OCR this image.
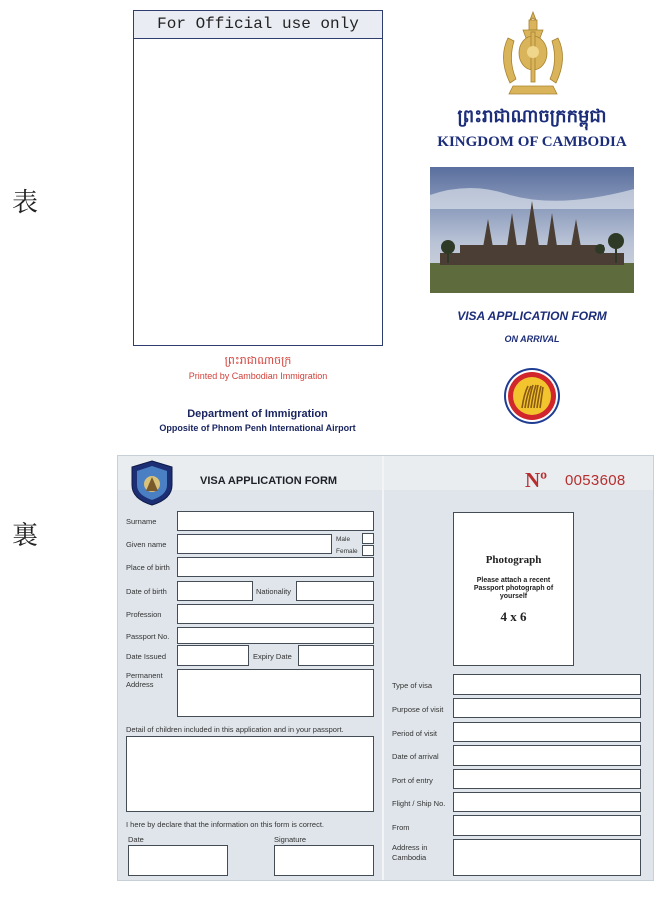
表
裏
For Official use only
ព្រះរាជាណាចក្រ
Printed by Cambodian Immigration
Department of Immigration
Opposite of Phnom Penh International Airport
ព្រះរាជាណាចក្រកម្ពុជា
KINGDOM OF CAMBODIA
VISA APPLICATION FORM
ON ARRIVAL
VISA APPLICATION FORM	Nº 0053608
Surname
Given name
Male
Female
Place of birth
Date of birth	Nationality
Profession
Passport No.
Date Issued	Expiry Date
Permanent
Address
Detail of children included in this application and in your passport.
I here by declare that the information on this form is correct.
Date	Signature
Photograph
Please attach a recent Passport photograph of yourself
4 x 6
Type of visa
Purpose of visit
Period of visit
Date of arrival
Port of entry
Flight / Ship No.
From
Address in
Cambodia
